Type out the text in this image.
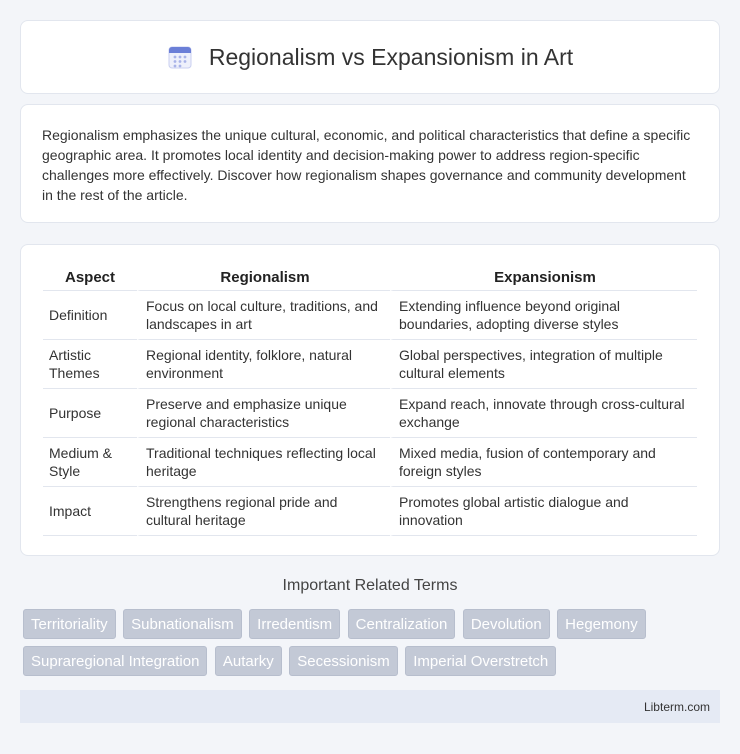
Regionalism vs Expansionism in Art

Regionalism emphasizes the unique cultural, economic, and political characteristics that define a specific geographic area. It promotes local identity and decision-making power to address region-specific challenges more effectively. Discover how regionalism shapes governance and community development in the rest of the article.

Aspect	Regionalism	Expansionism
Definition	Focus on local culture, traditions, and landscapes in art	Extending influence beyond original boundaries, adopting diverse styles
Artistic Themes	Regional identity, folklore, natural environment	Global perspectives, integration of multiple cultural elements
Purpose	Preserve and emphasize unique regional characteristics	Expand reach, innovate through cross-cultural exchange
Medium & Style	Traditional techniques reflecting local heritage	Mixed media, fusion of contemporary and foreign styles
Impact	Strengthens regional pride and cultural heritage	Promotes global artistic dialogue and innovation
Important Related Terms
Territoriality Subnationalism Irredentism Centralization Devolution Hegemony Supraregional Integration Autarky Secessionism Imperial Overstretch
Libterm.com
